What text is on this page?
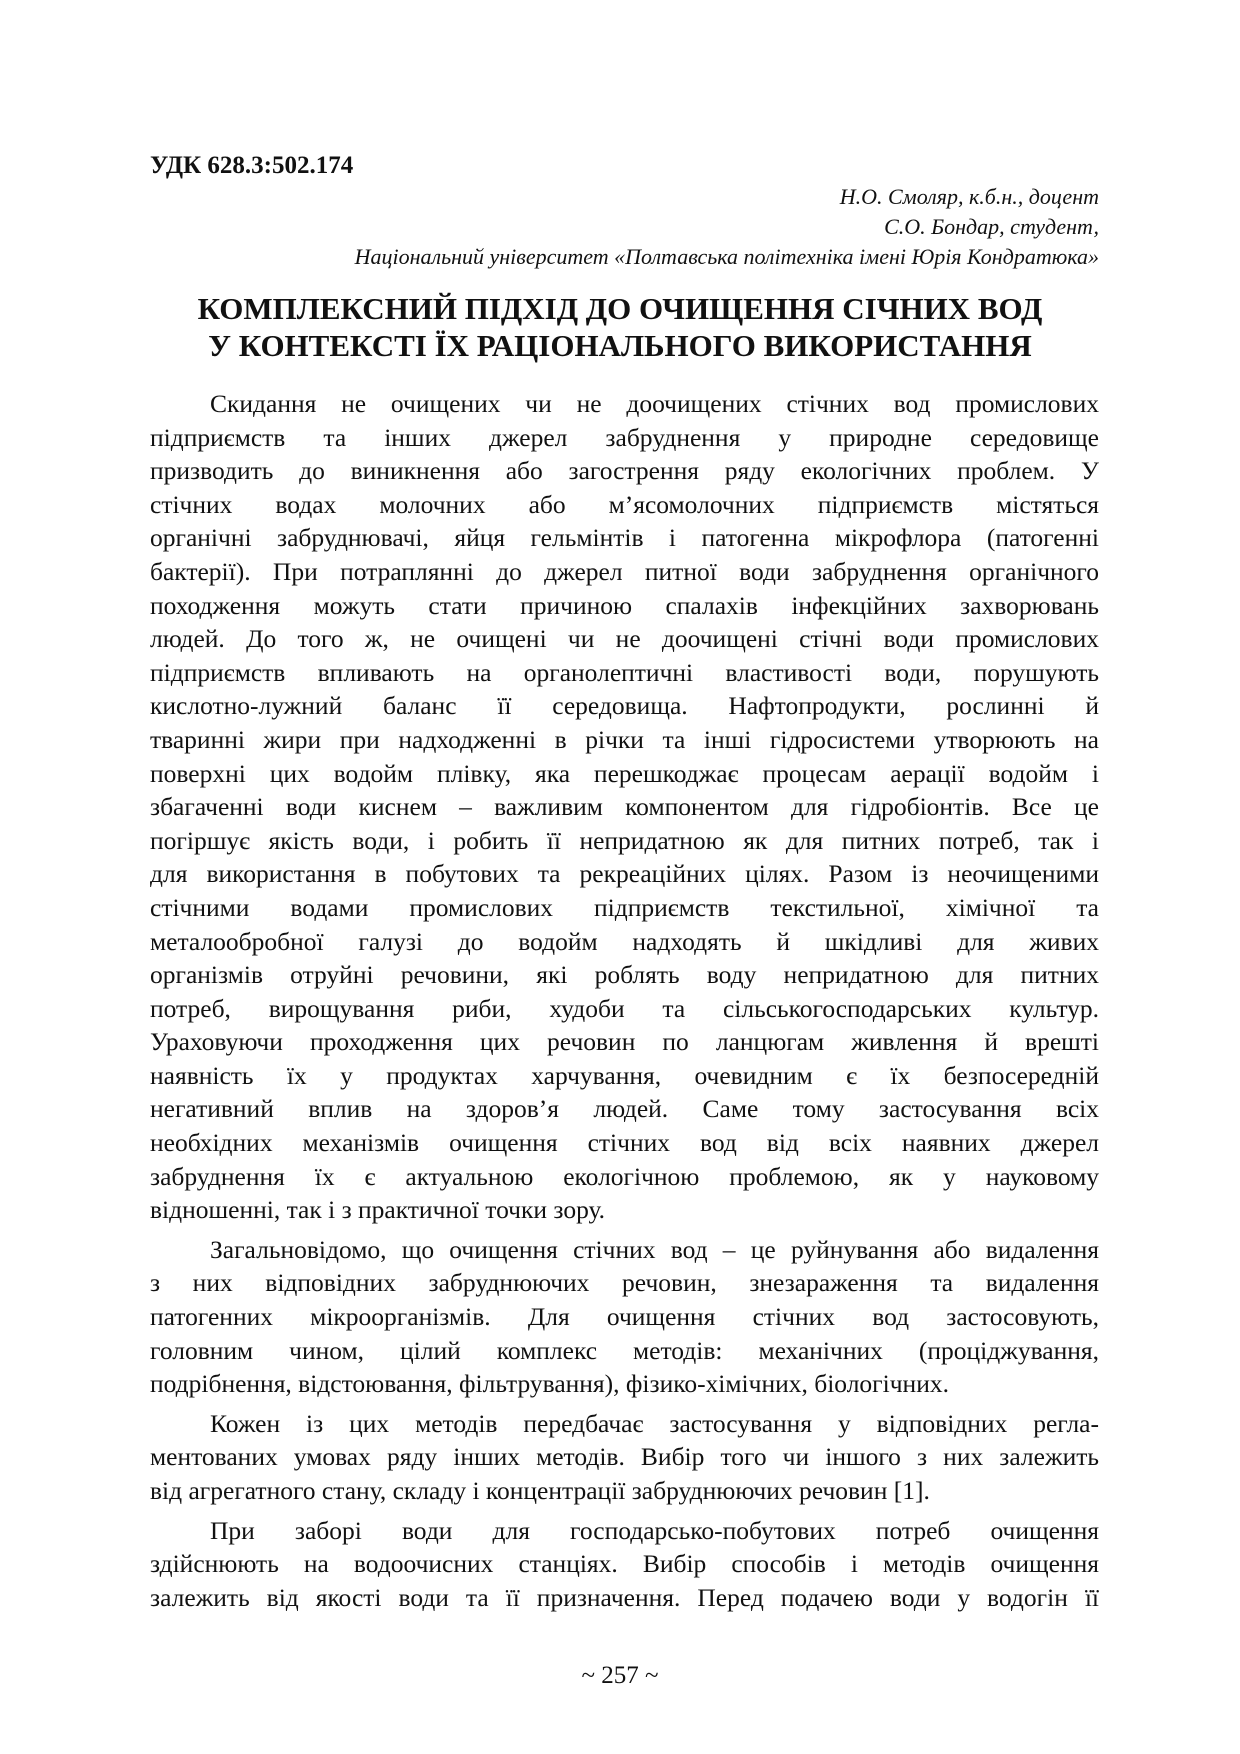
УДК 628.3:502.174
Н.О. Смоляр, к.б.н., доцент
С.О. Бондар, студент,
Національний університет «Полтавська політехніка імені Юрія Кондратюка»
КОМПЛЕКСНИЙ ПІДХІД ДО ОЧИЩЕННЯ СІЧНИХ ВОД
У КОНТЕКСТІ ЇХ РАЦІОНАЛЬНОГО ВИКОРИСТАННЯ
Скидання не очищених чи не доочищених стічних вод промислових
підприємств та інших джерел забруднення у природне середовище
призводить до виникнення або загострення ряду екологічних проблем. У
стічних водах молочних або м’ясомолочних підприємств містяться
органічні забруднювачі, яйця гельмінтів і патогенна мікрофлора (патогенні
бактерії). При потраплянні до джерел питної води забруднення органічного
походження можуть стати причиною спалахів інфекційних захворювань
людей. До того ж, не очищені чи не доочищені стічні води промислових
підприємств впливають на органолептичні властивості води, порушують
кислотно-лужний баланс її середовища. Нафтопродукти, рослинні й
тваринні жири при надходженні в річки та інші гідросистеми утворюють на
поверхні цих водойм плівку, яка перешкоджає процесам аерації водойм і
збагаченні води киснем – важливим компонентом для гідробіонтів. Все це
погіршує якість води, і робить її непридатною як для питних потреб, так і
для використання в побутових та рекреаційних цілях. Разом із неочищеними
стічними водами промислових підприємств текстильної, хімічної та
металообробної галузі до водойм надходять й шкідливі для живих
організмів отруйні речовини, які роблять воду непридатною для питних
потреб, вирощування риби, худоби та сільськогосподарських культур.
Ураховуючи проходження цих речовин по ланцюгам живлення й врешті
наявність їх у продуктах харчування, очевидним є їх безпосередній
негативний вплив на здоров’я людей. Саме тому застосування всіх
необхідних механізмів очищення стічних вод від всіх наявних джерел
забруднення їх є актуальною екологічною проблемою, як у науковому
відношенні, так і з практичної точки зору.
Загальновідомо, що очищення стічних вод – це руйнування або видалення
з них відповідних забруднюючих речовин, знезараження та видалення
патогенних мікроорганізмів. Для очищення стічних вод застосовують,
головним чином, цілий комплекс методів: механічних (проціджування,
подрібнення, відстоювання, фільтрування), фізико-хімічних, біологічних.
Кожен із цих методів передбачає застосування у відповідних регла-
ментованих умовах ряду інших методів. Вибір того чи іншого з них залежить
від агрегатного стану, складу і концентрації забруднюючих речовин [1].
При заборі води для господарсько-побутових потреб очищення
здійснюють на водоочисних станціях. Вибір способів і методів очищення
залежить від якості води та її призначення. Перед подачею води у водогін її
~ 257 ~
